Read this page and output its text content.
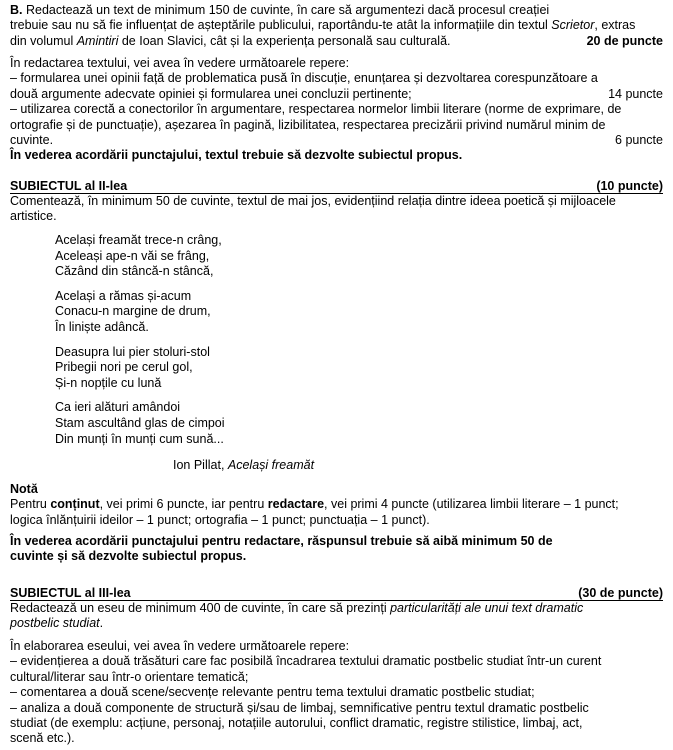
B. Redactează un text de minimum 150 de cuvinte, în care să argumentezi dacă procesul creației
trebuie sau nu să fie influențat de așteptările publicului, raportându-te atât la informațiile din textul Scrietor, extras
din volumul Amintiri de Ioan Slavici, cât și la experiența personală sau culturală.	20 de puncte
În redactarea textului, vei avea în vedere următoarele repere:
– formularea unei opinii față de problematica pusă în discuție, enunțarea și dezvoltarea corespunzătoare a
două argumente adecvate opiniei și formularea unei concluzii pertinente;	14 puncte
– utilizarea corectă a conectorilor în argumentare, respectarea normelor limbii literare (norme de exprimare, de
ortografie și de punctuație), așezarea în pagină, lizibilitatea, respectarea precizării privind numărul minim de
cuvinte.	6 puncte
În vederea acordării punctajului, textul trebuie să dezvolte subiectul propus.
SUBIECTUL al II-lea	(10 puncte)
Comentează, în minimum 50 de cuvinte, textul de mai jos, evidențiind relația dintre ideea poetică și mijloacele
artistice.
Același freamăt trece-n crâng,
Aceleași ape-n văi se frâng,
Căzând din stâncă-n stâncă,
Același a rămas și-acum
Conacu-n margine de drum,
În liniște adâncă.
Deasupra lui pier stoluri-stol
Pribegii nori pe cerul gol,
Și-n nopțile cu lună
Ca ieri alături amândoi
Stam ascultând glas de cimpoi
Din munți în munți cum sună...
Ion Pillat, Același freamăt
Notă
Pentru conținut, vei primi 6 puncte, iar pentru redactare, vei primi 4 puncte (utilizarea limbii literare – 1 punct;
logica înlănțuirii ideilor – 1 punct; ortografia – 1 punct; punctuația – 1 punct).
În vederea acordării punctajului pentru redactare, răspunsul trebuie să aibă minimum 50 de
cuvinte și să dezvolte subiectul propus.
SUBIECTUL al III-lea	(30 de puncte)
Redactează un eseu de minimum 400 de cuvinte, în care să prezinți particularități ale unui text dramatic
postbelic studiat.
În elaborarea eseului, vei avea în vedere următoarele repere:
– evidențierea a două trăsături care fac posibilă încadrarea textului dramatic postbelic studiat într-un curent
cultural/literar sau într-o orientare tematică;
– comentarea a două scene/secvențe relevante pentru tema textului dramatic postbelic studiat;
– analiza a două componente de structură și/sau de limbaj, semnificative pentru textul dramatic postbelic
studiat (de exemplu: acțiune, personaj, notațiile autorului, conflict dramatic, registre stilistice, limbaj, act,
scenă etc.).
